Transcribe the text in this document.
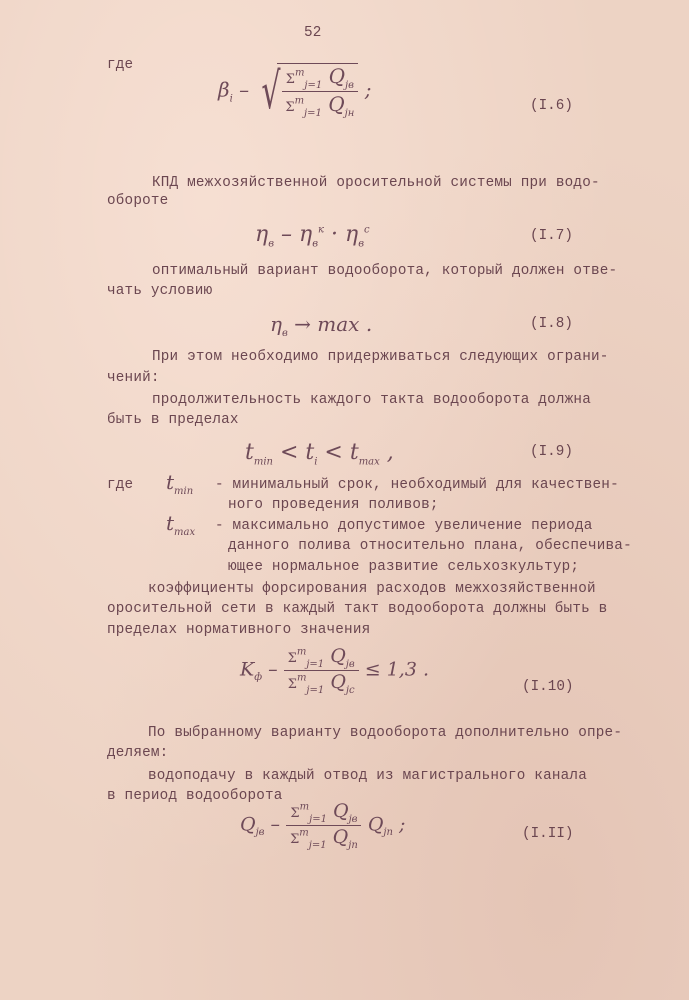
52
где
$\beta_i$ – √ $\frac{\Sigma^m_{j=1} Q_{jв}}{\Sigma^m_{j=1} Q_{jн}}$ ;
(I.6)
КПД межхозяйственной оросительной системы при водо-
обороте
$\eta_в - \eta_в^к \cdot \eta_в^с$	(I.7)
оптимальный вариант водооборота, который должен отве-
чать условию
$\eta_в \to \max$ .	(I.8)
При этом необходимо придерживаться следующих ограни-
чений:
продолжительность каждого такта водооборота должна
быть в пределах
$t_{min} < t_i < t_{max}$ ,	(I.9)
где $t_{min}$ - минимальный срок, необходимый для качествен-
ного проведения поливов;
$t_{max}$ - максимально допустимое увеличение периода
данного полива относительно плана, обеспечива-
ющее нормальное развитие сельхозкультур;
коэффициенты форсирования расходов межхозяйственной
оросительной сети в каждый такт водооборота должны быть в
пределах нормативного значения
$K_ф - \frac{\Sigma^m_{j=1} Q_{jв}}{\Sigma^m_{j=1} Q_{jс}} \le 1,3$ .
(I.10)
По выбранному варианту водооборота дополнительно опре-
деляем:
водоподачу в каждый отвод из магистрального канала
в период водооборота
$Q_{jв} - \frac{\Sigma^m_{j=1} Q_{jв}}{\Sigma^m_{j=1} Q_{jп}} Q_{jп}$ ;	(I.II)
